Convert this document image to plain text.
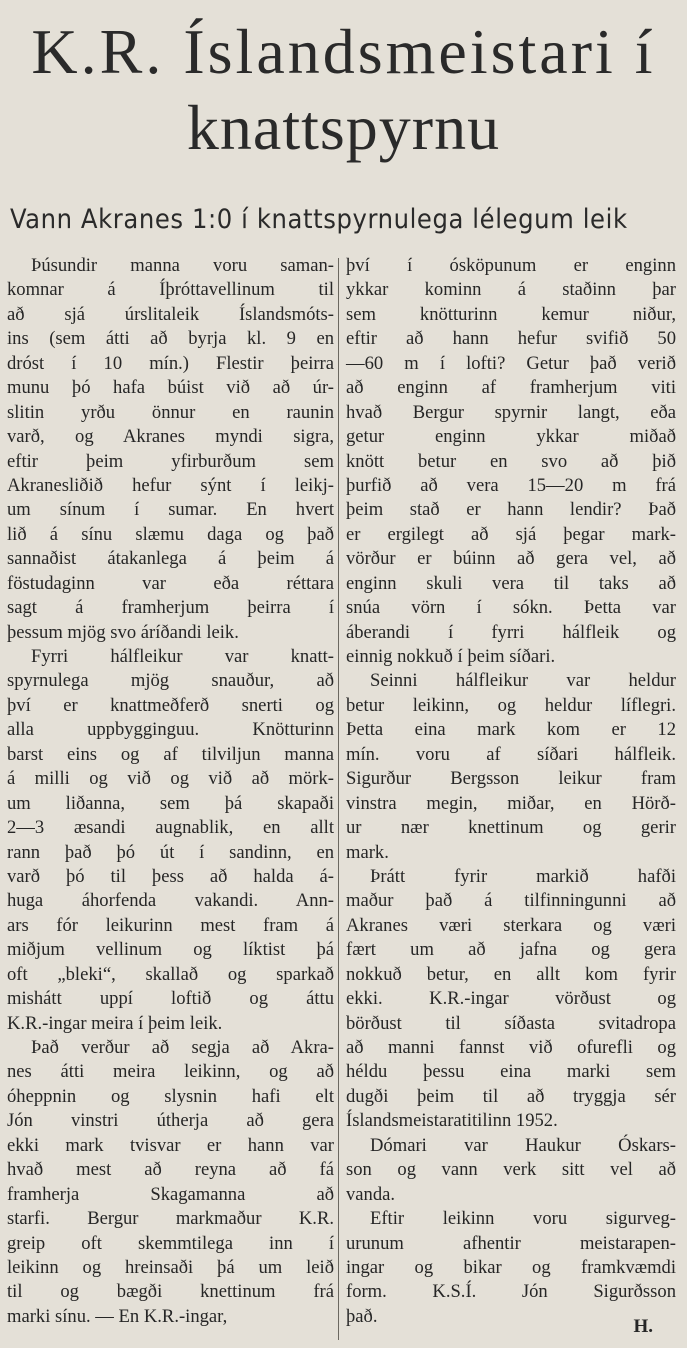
K.R. Íslandsmeistari í
knattspyrnu
Vann Akranes 1:0 í knattspyrnulega lélegum leik
Þúsundir manna voru saman-
komnar á Íþróttavellinum til
að sjá úrslitaleik Íslandsmóts-
ins (sem átti að byrja kl. 9 en
dróst í 10 mín.) Flestir þeirra
munu þó hafa búist við að úr-
slitin yrðu önnur en raunin
varð, og Akranes myndi sigra,
eftir þeim yfirburðum sem
Akranesliðið hefur sýnt í leikj-
um sínum í sumar. En hvert
lið á sínu slæmu daga og það
sannaðist átakanlega á þeim á
föstudaginn var eða réttara
sagt á framherjum þeirra í
þessum mjög svo áríðandi leik.
Fyrri hálfleikur var knatt-
spyrnulega mjög snauður, að
því er knattmeðferð snerti og
alla uppbygginguu. Knötturinn
barst eins og af tilviljun manna
á milli og við og við að mörk-
um liðanna, sem þá skapaði
2—3 æsandi augnablik, en allt
rann það þó út í sandinn, en
varð þó til þess að halda á-
huga áhorfenda vakandi. Ann-
ars fór leikurinn mest fram á
miðjum vellinum og líktist þá
oft „bleki“, skallað og sparkað
mishátt uppí loftið og áttu
K.R.-ingar meira í þeim leik.
Það verður að segja að Akra-
nes átti meira leikinn, og að
óheppnin og slysnin hafi elt
Jón vinstri útherja að gera
ekki mark tvisvar er hann var
hvað mest að reyna að fá
framherja Skagamanna að
starfi. Bergur markmaður K.R.
greip oft skemmtilega inn í
leikinn og hreinsaði þá um leið
til og bægði knettinum frá
marki sínu. — En K.R.-ingar,
því í ósköpunum er enginn
ykkar kominn á staðinn þar
sem knötturinn kemur niður,
eftir að hann hefur svifið 50
—60 m í lofti? Getur það verið
að enginn af framherjum viti
hvað Bergur spyrnir langt, eða
getur enginn ykkar miðað
knött betur en svo að þið
þurfið að vera 15—20 m frá
þeim stað er hann lendir? Það
er ergilegt að sjá þegar mark-
vörður er búinn að gera vel, að
enginn skuli vera til taks að
snúa vörn í sókn. Þetta var
áberandi í fyrri hálfleik og
einnig nokkuð í þeim síðari.
Seinni hálfleikur var heldur
betur leikinn, og heldur líflegri.
Þetta eina mark kom er 12
mín. voru af síðari hálfleik.
Sigurður Bergsson leikur fram
vinstra megin, miðar, en Hörð-
ur nær knettinum og gerir
mark.
Þrátt fyrir markið hafði
maður það á tilfinningunni að
Akranes væri sterkara og væri
fært um að jafna og gera
nokkuð betur, en allt kom fyrir
ekki. K.R.-ingar vörðust og
börðust til síðasta svitadropa
að manni fannst við ofurefli og
héldu þessu eina marki sem
dugði þeim til að tryggja sér
Íslandsmeistaratitilinn 1952.
Dómari var Haukur Óskars-
son og vann verk sitt vel að
vanda.
Eftir leikinn voru sigurveg-
urunum afhentir meistarapen-
ingar og bikar og framkvæmdi
form. K.S.Í. Jón Sigurðsson
það.	H.
